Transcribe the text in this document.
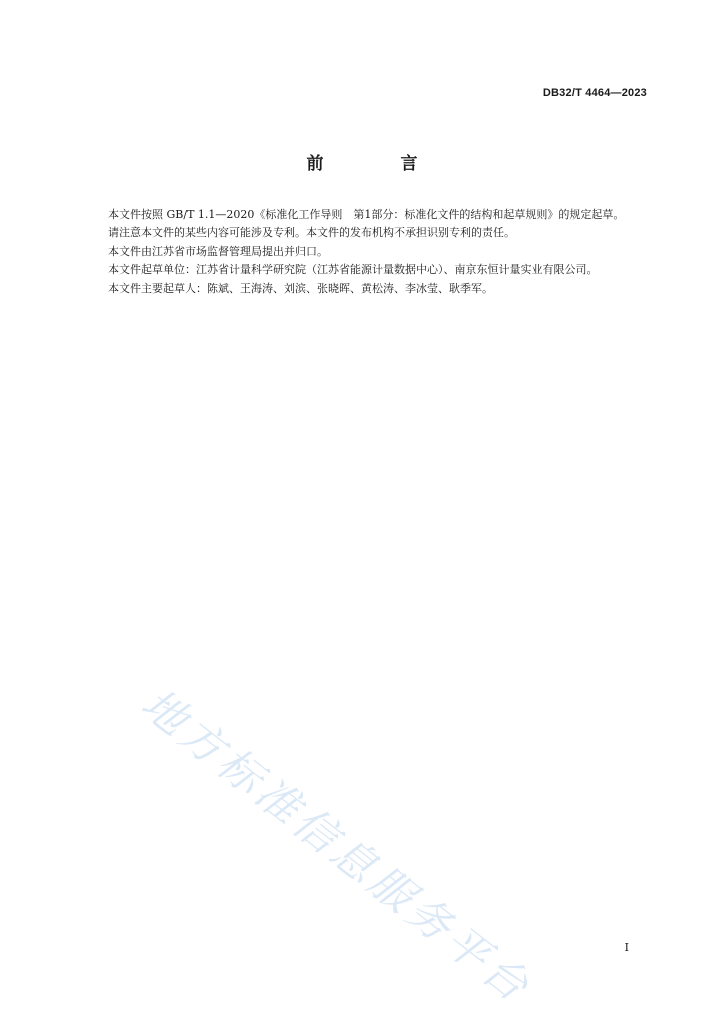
DB32/T 4464—2023
前　言

本文件按照 GB/T 1.1—2020《标准化工作导则　第1部分：标准化文件的结构和起草规则》的规定起草。

请注意本文件的某些内容可能涉及专利。本文件的发布机构不承担识别专利的责任。

本文件由江苏省市场监督管理局提出并归口。

本文件起草单位：江苏省计量科学研究院（江苏省能源计量数据中心）、南京东恒计量实业有限公司。

本文件主要起草人：陈斌、王海涛、刘滨、张晓晖、黄松涛、李冰莹、耿季军。

地方标准信息服务平台	I
